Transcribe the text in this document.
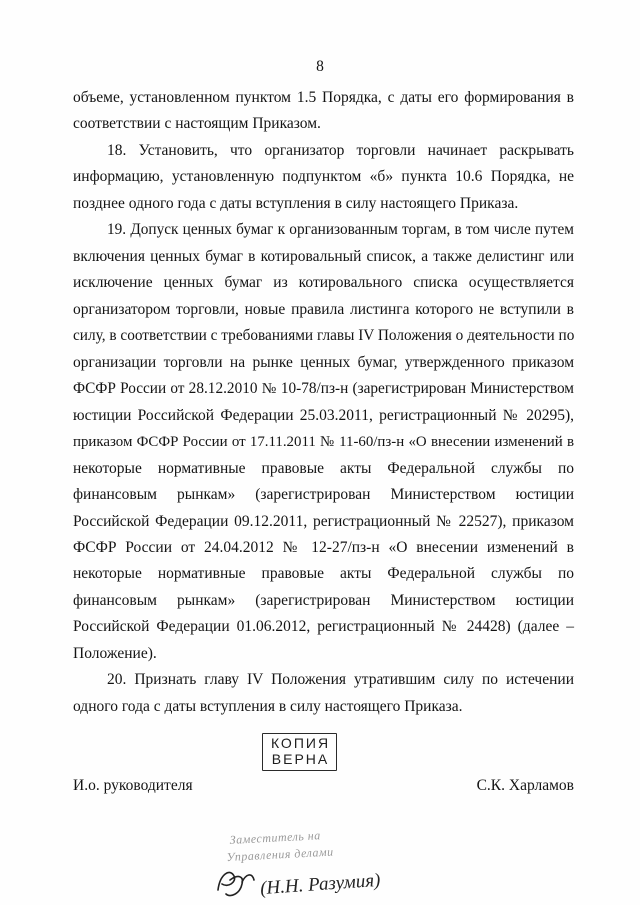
8
объеме, установленном пунктом 1.5 Порядка, с даты его формирования в
соответствии с настоящим Приказом.
18. Установить, что организатор торговли начинает раскрывать
информацию, установленную подпунктом «б» пункта 10.6 Порядка, не
позднее одного года с даты вступления в силу настоящего Приказа.
19. Допуск ценных бумаг к организованным торгам, в том числе путем
включения ценных бумаг в котировальный список, а также делистинг или
исключение ценных бумаг из котировального списка осуществляется
организатором торговли, новые правила листинга которого не вступили в
силу, в соответствии с требованиями главы IV Положения о деятельности по
организации торговли на рынке ценных бумаг, утвержденного приказом
ФСФР России от 28.12.2010 № 10-78/пз-н (зарегистрирован Министерством
юстиции Российской Федерации 25.03.2011, регистрационный № 20295),
приказом ФСФР России от 17.11.2011 № 11-60/пз-н «О внесении изменений в
некоторые нормативные правовые акты Федеральной службы по
финансовым рынкам» (зарегистрирован Министерством юстиции
Российской Федерации 09.12.2011, регистрационный № 22527), приказом
ФСФР России от 24.04.2012 № 12-27/пз-н «О внесении изменений в
некоторые нормативные правовые акты Федеральной службы по
финансовым рынкам» (зарегистрирован Министерством юстиции
Российской Федерации 01.06.2012, регистрационный № 24428) (далее –
Положение).
20. Признать главу IV Положения утратившим силу по истечении
одного года с даты вступления в силу настоящего Приказа.
КОПИЯ
ВЕРНА
И.о. руководителя	С.К. Харламов
Заместитель на
Управления делами
(Н.Н. Разумия)
